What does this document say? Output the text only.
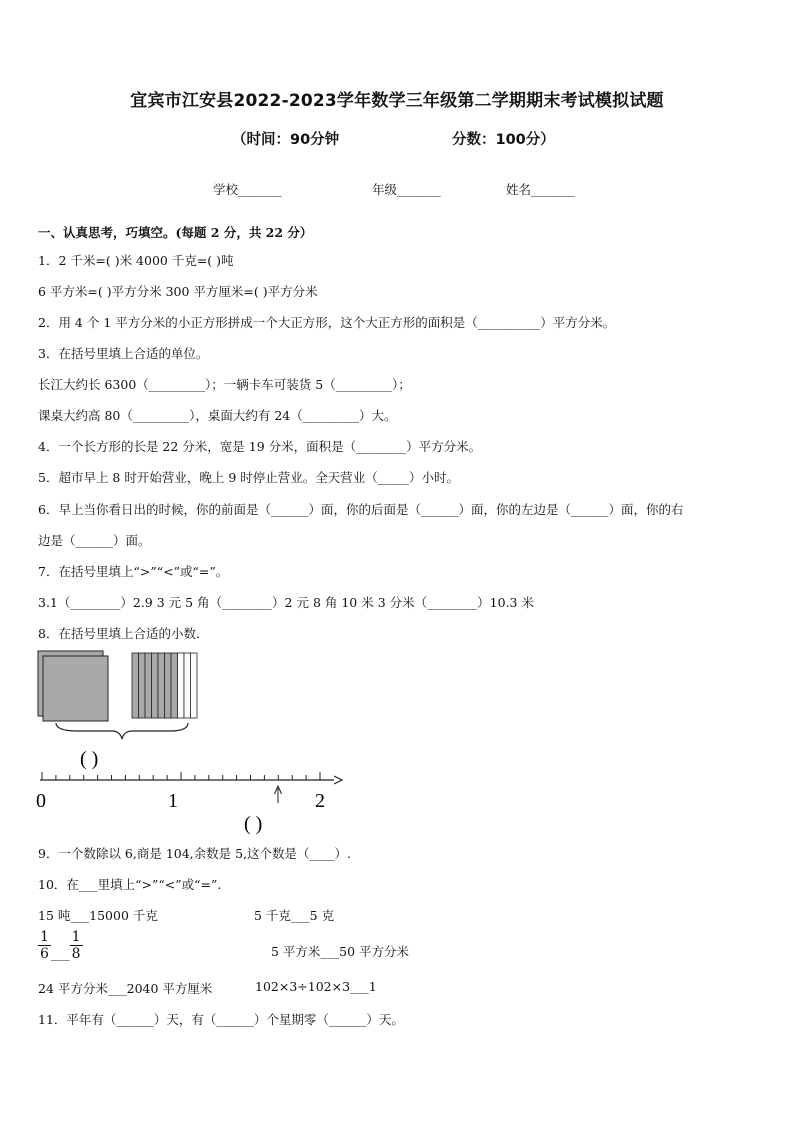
宜宾市江安县2022-2023学年数学三年级第二学期期末考试模拟试题
（时间：90分钟	分数：100分）
学校_______	年级_______	姓名_______
一、认真思考，巧填空。(每题 2 分，共 22 分）
1．2 千米=( )米 4000 千克=( )吨
6 平方米=( )平方分米 300 平方厘米=( )平方分米
2．用 4 个 1 平方分米的小正方形拼成一个大正方形，这个大正方形的面积是（__________）平方分米。
3．在括号里填上合适的单位。
长江大约长 6300（_________）；一辆卡车可装货 5（_________）；
课桌大约高 80（_________），桌面大约有 24（_________）大。
4．一个长方形的长是 22 分米，宽是 19 分米，面积是（________）平方分米。
5．超市早上 8 时开始营业，晚上 9 时停止营业。全天营业（_____）小时。
6．早上当你看日出的时候，你的前面是（______）面，你的后面是（______）面，你的左边是（______）面，你的右
边是（______）面。
7．在括号里填上“>”“<”或“=”。
3.1（________）2.9 3 元 5 角（________）2 元 8 角 10 米 3 分米（________）10.3 米
8．在括号里填上合适的小数．
( )
0	1	2
( )
9．一个数除以 6,商是 104,余数是 5,这个数是（____）.
10．在___里填上“>”“<”或“=”.
15 吨___15000 千克	5 千克___5 克
$\frac{1}{6} _{\_\_\_} \frac{1}{8}$	5 平方米___50 平方分米
24 平方分米___2040 平方厘米	102×3÷102×3___1
11．平年有（______）天，有（______）个星期零（______）天。
